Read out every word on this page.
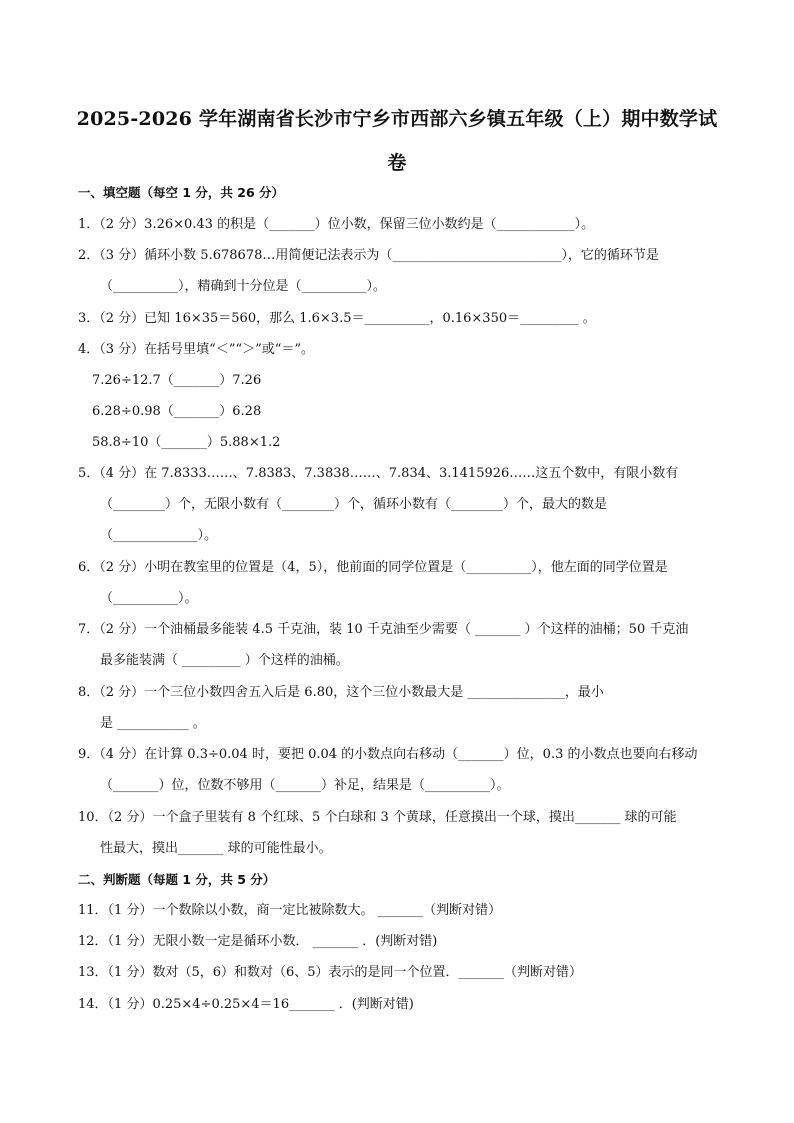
2025-2026 学年湖南省长沙市宁乡市西部六乡镇五年级（上）期中数学试
卷
一、填空题（每空 1 分，共 26 分）
1．（2 分）3.26×0.43 的积是（_______）位小数，保留三位小数约是（____________）。
2．（3 分）循环小数 5.678678…用简便记法表示为（__________________________），它的循环节是
（__________），精确到十分位是（__________）。
3．（2 分）已知 16×35＝560，那么 1.6×3.5＝__________，0.16×350＝_________ 。
4．（3 分）在括号里填“＜”“＞”或“＝”。
7.26÷12.7（_______）7.26
6.28÷0.98（_______）6.28
58.8÷10（_______）5.88×1.2
5．（4 分）在 7.8333……、7.8383、7.3838……、7.834、3.1415926……这五个数中，有限小数有
（________）个，无限小数有（________）个，循环小数有（________）个，最大的数是
（_____________）。
6．（2 分）小明在教室里的位置是（4，5），他前面的同学位置是（__________），他左面的同学位置是
（__________）。
7．（2 分）一个油桶最多能装 4.5 千克油，装 10 千克油至少需要（ _______ ）个这样的油桶；50 千克油
最多能装满（ _________ ）个这样的油桶。
8．（2 分）一个三位小数四舍五入后是 6.80，这个三位小数最大是 _______________，最小
是 ___________ 。
9．（4 分）在计算 0.3÷0.04 时，要把 0.04 的小数点向右移动（_______）位，0.3 的小数点也要向右移动
（_______）位，位数不够用（_______）补足，结果是（__________）。
10．（2 分）一个盒子里装有 8 个红球、5 个白球和 3 个黄球，任意摸出一个球，摸出_______ 球的可能
性最大，摸出_______ 球的可能性最小。
二、判断题（每题 1 分，共 5 分）
11．（1 分）一个数除以小数，商一定比被除数大。 _______（判断对错）
12．（1 分）无限小数一定是循环小数． _______ ．(判断对错)
13．（1 分）数对（5，6）和数对（6、5）表示的是同一个位置．_______（判断对错）
14．（1 分）0.25×4÷0.25×4＝16_______ ．(判断对错)
